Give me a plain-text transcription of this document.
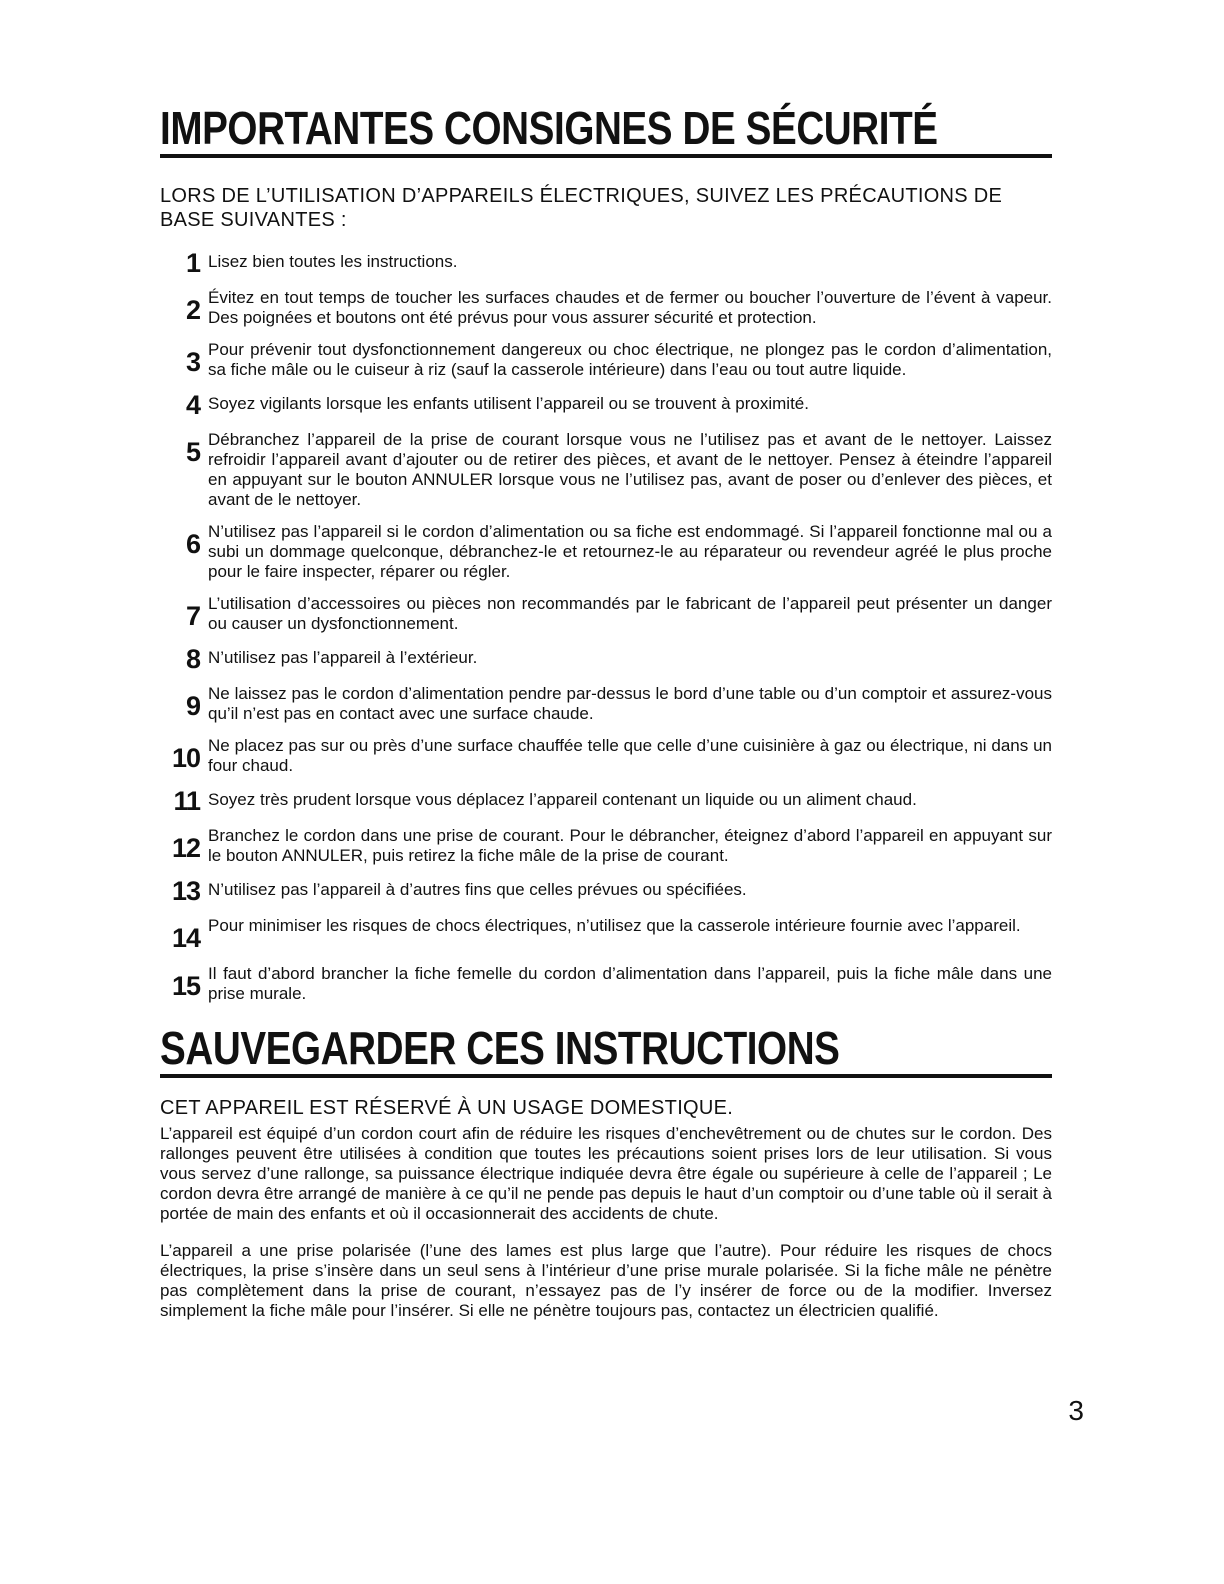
IMPORTANTES CONSIGNES DE SÉCURITÉ
LORS DE L’UTILISATION D’APPAREILS ÉLECTRIQUES, SUIVEZ LES PRÉCAUTIONS DE BASE SUIVANTES :
1 Lisez bien toutes les instructions.
2 Évitez en tout temps de toucher les surfaces chaudes et de fermer ou boucher l’ouverture de l’évent à vapeur. Des poignées et boutons ont été prévus pour vous assurer sécurité et protection.
3 Pour prévenir tout dysfonctionnement dangereux ou choc électrique, ne plongez pas le cordon d’alimentation, sa fiche mâle ou le cuiseur à riz (sauf la casserole intérieure) dans l’eau ou tout autre liquide.
4 Soyez vigilants lorsque les enfants utilisent l’appareil ou se trouvent à proximité.
5 Débranchez l’appareil de la prise de courant lorsque vous ne l’utilisez pas et avant de le nettoyer. Laissez refroidir l’appareil avant d’ajouter ou de retirer des pièces, et avant de le nettoyer. Pensez à éteindre l’appareil en appuyant sur le bouton ANNULER lorsque vous ne l’utilisez pas, avant de poser ou d’enlever des pièces, et avant de le nettoyer.
6 N’utilisez pas l’appareil si le cordon d’alimentation ou sa fiche est endommagé. Si l’appareil fonctionne mal ou a subi un dommage quelconque, débranchez-le et retournez-le au réparateur ou revendeur agréé le plus proche pour le faire inspecter, réparer ou régler.
7 L’utilisation d’accessoires ou pièces non recommandés par le fabricant de l’appareil peut présenter un danger ou causer un dysfonctionnement.
8 N’utilisez pas l’appareil à l’extérieur.
9 Ne laissez pas le cordon d’alimentation pendre par-dessus le bord d’une table ou d’un comptoir et assurez-vous qu’il n’est pas en contact avec une surface chaude.
10 Ne placez pas sur ou près d’une surface chauffée telle que celle d’une cuisinière à gaz ou électrique, ni dans un four chaud.
11 Soyez très prudent lorsque vous déplacez l’appareil contenant un liquide ou un aliment chaud.
12 Branchez le cordon dans une prise de courant. Pour le débrancher, éteignez d’abord l’appareil en appuyant sur le bouton ANNULER, puis retirez la fiche mâle de la prise de courant.
13 N’utilisez pas l’appareil à d’autres fins que celles prévues ou spécifiées.
14 Pour minimiser les risques de chocs électriques, n’utilisez que la casserole intérieure fournie avec l’appareil.
15 Il faut d’abord brancher la fiche femelle du cordon d’alimentation dans l’appareil, puis la fiche mâle dans une prise murale.
SAUVEGARDER CES INSTRUCTIONS
CET APPAREIL EST RÉSERVÉ À UN USAGE DOMESTIQUE.

L’appareil est équipé d’un cordon court afin de réduire les risques d’enchevêtrement ou de chutes sur le cordon. Des rallonges peuvent être utilisées à condition que toutes les précautions soient prises lors de leur utilisation. Si vous vous servez d’une rallonge, sa puissance électrique indiquée devra être égale ou supérieure à celle de l’appareil ; Le cordon devra être arrangé de manière à ce qu’il ne pende pas depuis le haut d’un comptoir ou d’une table où il serait à portée de main des enfants et où il occasionnerait des accidents de chute.

L’appareil a une prise polarisée (l’une des lames est plus large que l’autre). Pour réduire les risques de chocs électriques, la prise s’insère dans un seul sens à l’intérieur d’une prise murale polarisée. Si la fiche mâle ne pénètre pas complètement dans la prise de courant, n’essayez pas de l’y insérer de force ou de la modifier. Inversez simplement la fiche mâle pour l’insérer. Si elle ne pénètre toujours pas, contactez un électricien qualifié.

3
